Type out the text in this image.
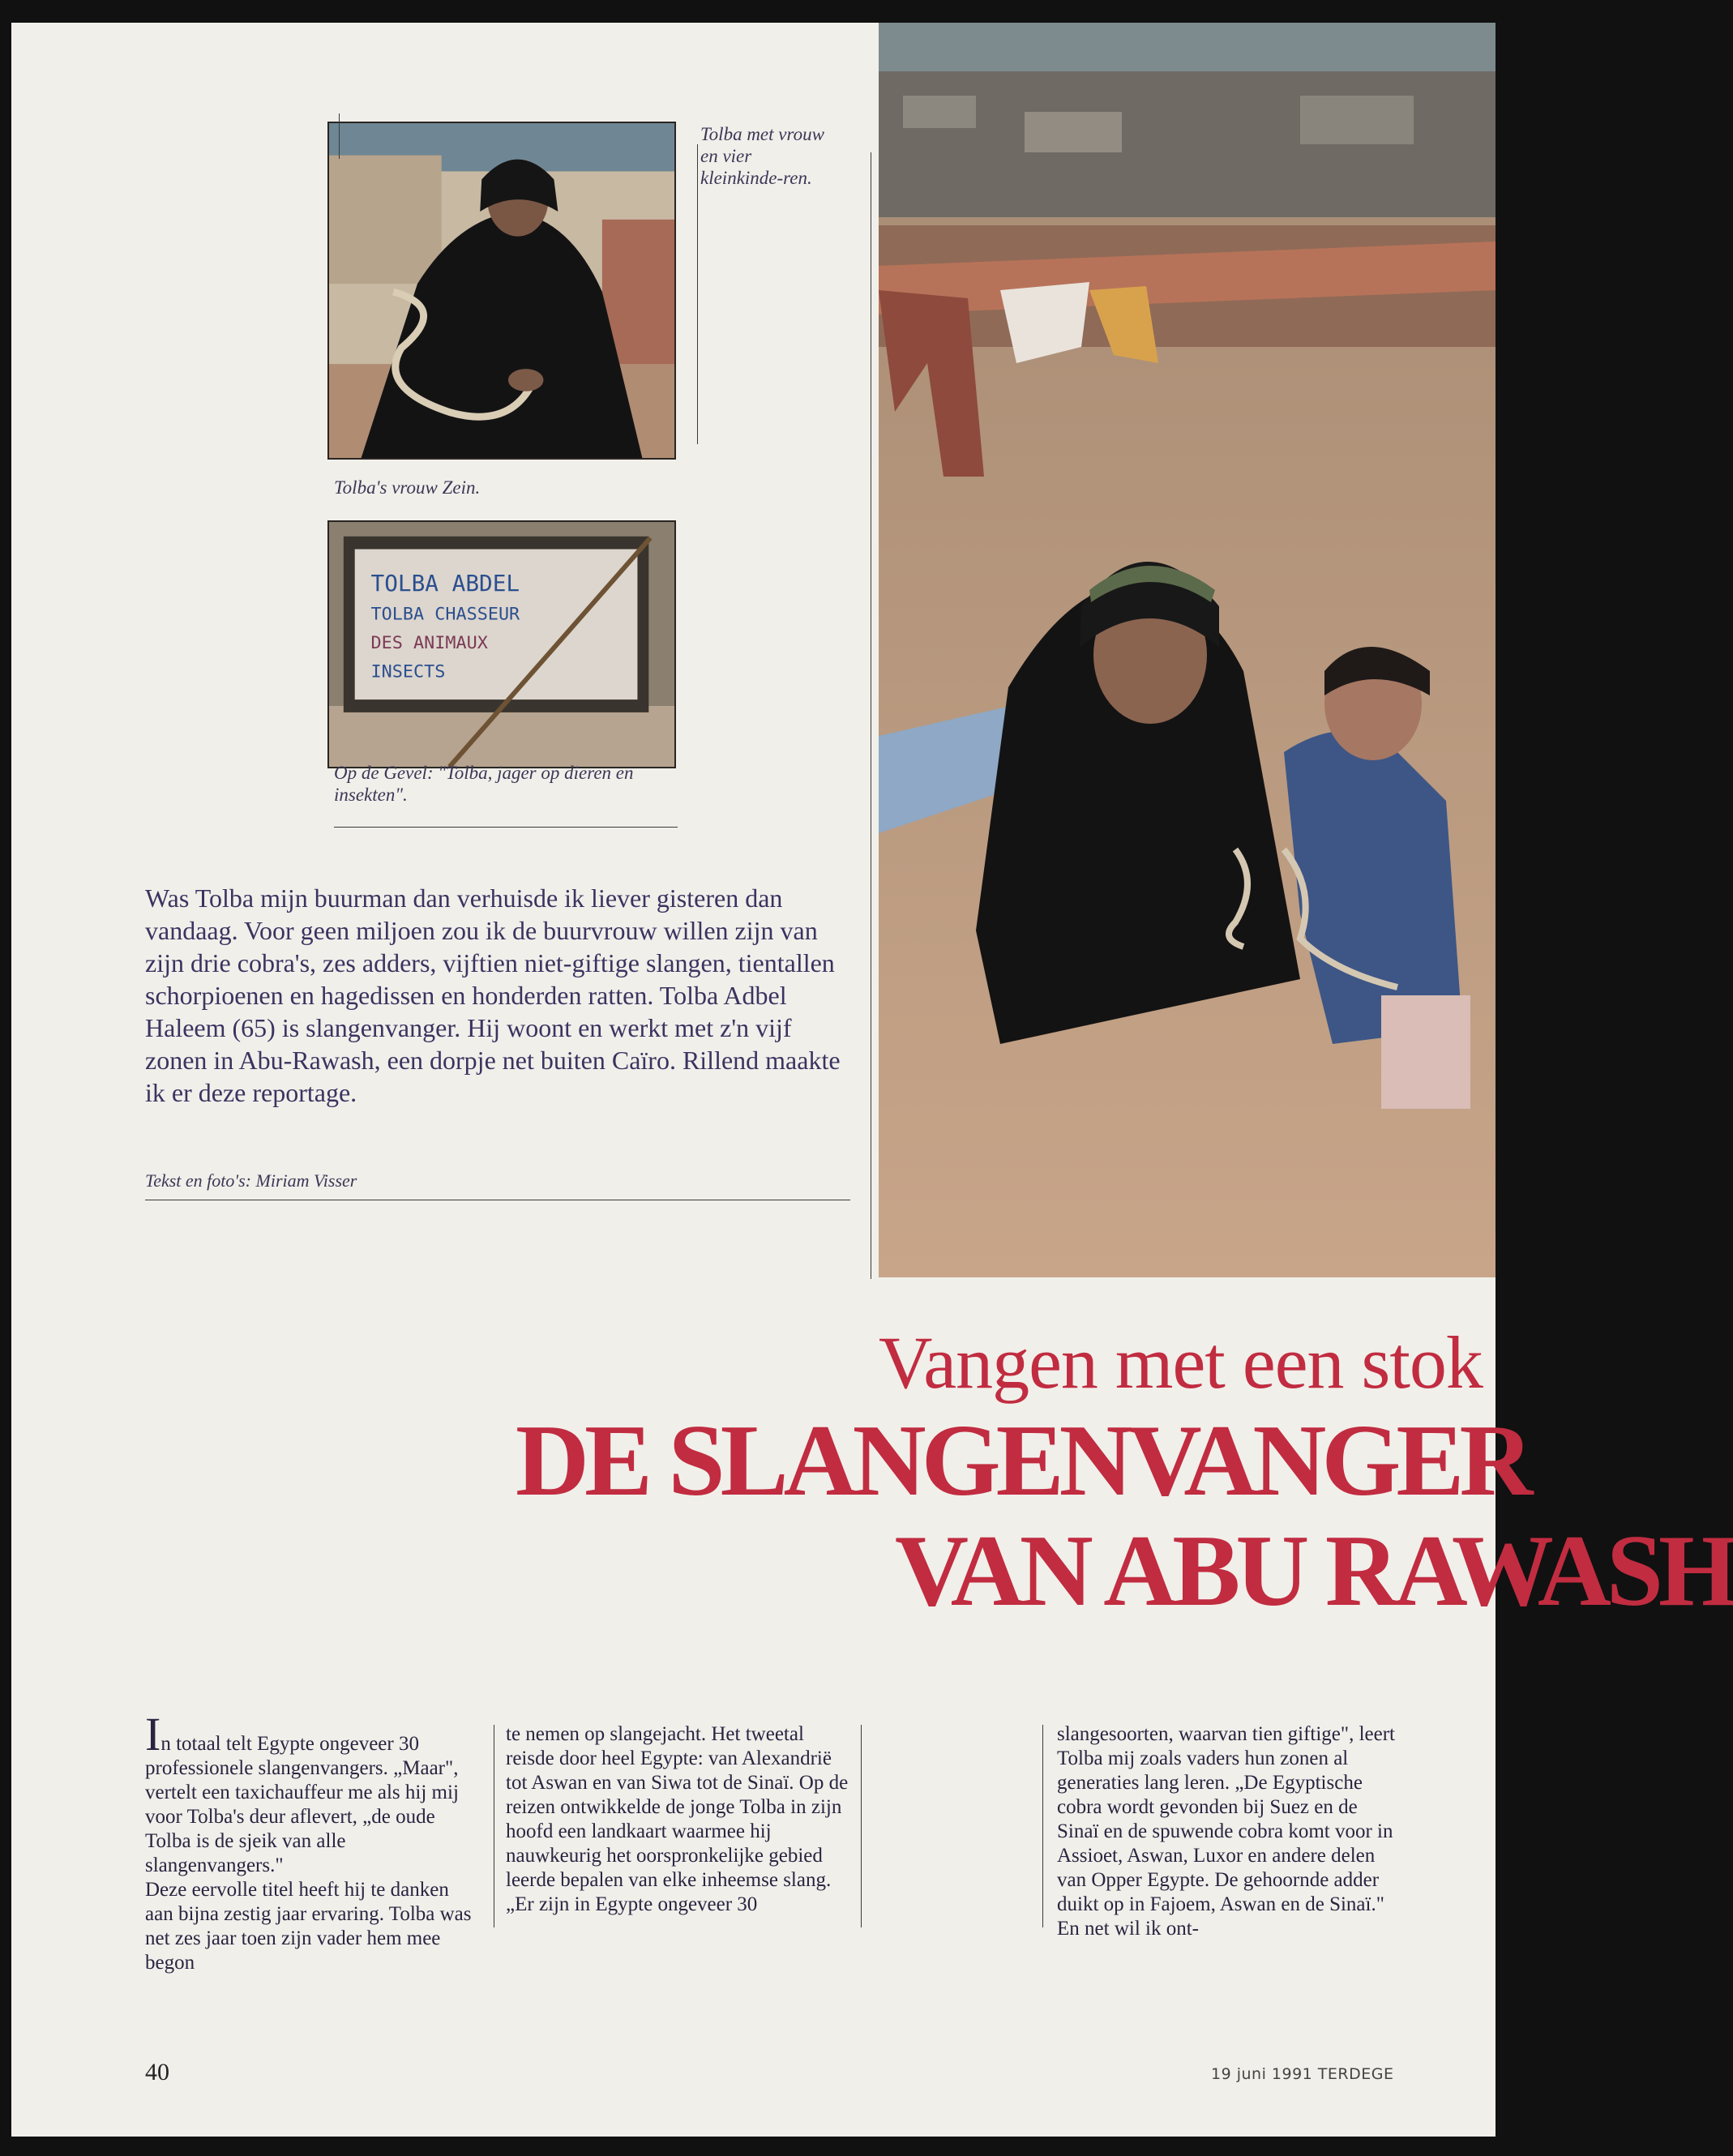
TOLBA ABDEL
TOLBA CHASSEUR
DES ANIMAUX
INSECTS
Tolba met vrouw en vier kleinkinde-ren.
Tolba's vrouw Zein.
Op de Gevel: "Tolba, jager op dieren en insekten".

Was Tolba mijn buurman dan verhuisde ik liever gisteren dan vandaag. Voor geen miljoen zou ik de buurvrouw willen zijn van zijn drie cobra's, zes adders, vijftien niet-giftige slangen, tientallen schorpioenen en hagedissen en honderden ratten. Tolba Adbel Haleem (65) is slangenvanger. Hij woont en werkt met z'n vijf zonen in Abu-Rawash, een dorpje net buiten Caïro. Rillend maakte ik er deze reportage.

Tekst en foto's: Miriam Visser
Vangen met een stok
DE SLANGENVANGER
VAN ABU RAWASH

In totaal telt Egypte ongeveer 30 professionele slangenvangers. „Maar", vertelt een taxichauffeur me als hij mij voor Tolba's deur aflevert, „de oude Tolba is de sjeik van alle slangenvangers."

Deze eervolle titel heeft hij te danken aan bijna zestig jaar ervaring. Tolba was net zes jaar toen zijn vader hem mee begon

te nemen op slangejacht. Het tweetal reisde door heel Egypte: van Alexandrië tot Aswan en van Siwa tot de Sinaï. Op de reizen ontwikkelde de jonge Tolba in zijn hoofd een landkaart waarmee hij nauwkeurig het oorspronkelijke gebied leerde bepalen van elke inheemse slang.

„Er zijn in Egypte ongeveer 30

slangesoorten, waarvan tien giftige", leert Tolba mij zoals vaders hun zonen al generaties lang leren. „De Egyptische cobra wordt gevonden bij Suez en de Sinaï en de spuwende cobra komt voor in Assioet, Aswan, Luxor en andere delen van Opper Egypte. De gehoornde adder duikt op in Fajoem, Aswan en de Sinaï." En net wil ik ont-

40	19 juni 1991 TERDEGE
